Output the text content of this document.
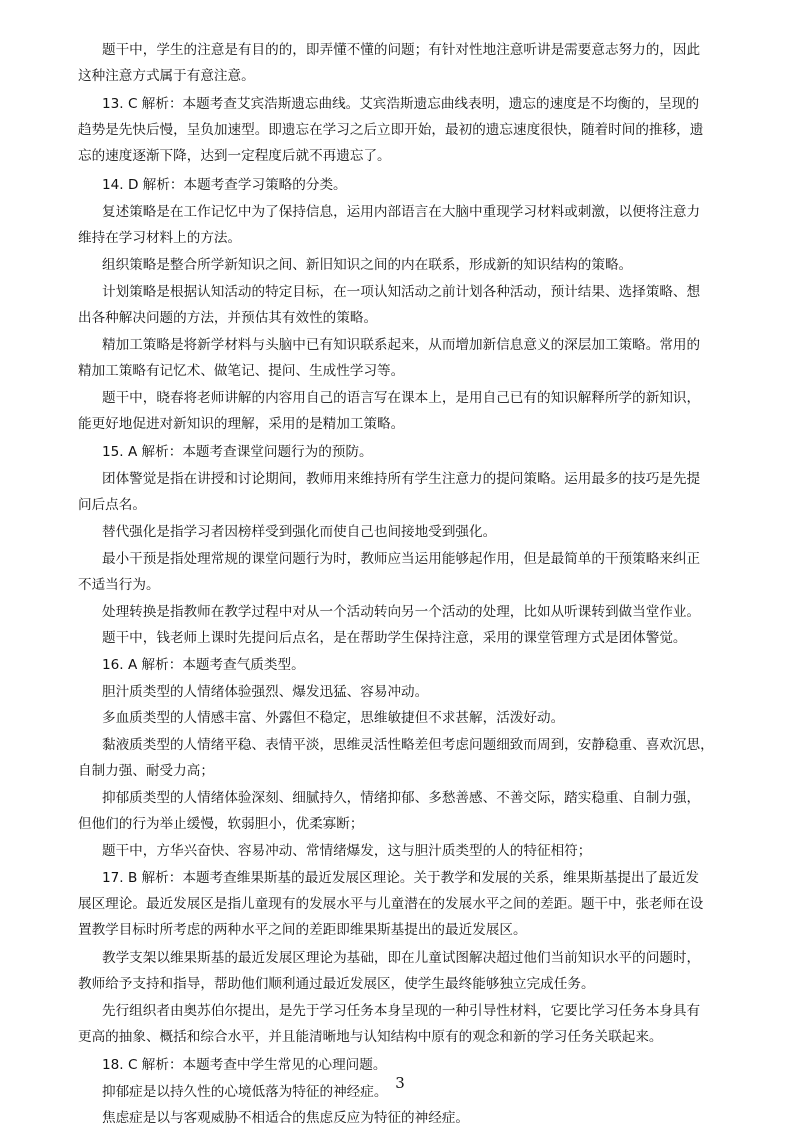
题干中，学生的注意是有目的的，即弄懂不懂的问题；有针对性地注意听讲是需要意志努力的，因此
这种注意方式属于有意注意。
13. C 解析：本题考查艾宾浩斯遗忘曲线。艾宾浩斯遗忘曲线表明，遗忘的速度是不均衡的，呈现的
趋势是先快后慢，呈负加速型。即遗忘在学习之后立即开始，最初的遗忘速度很快，随着时间的推移，遗
忘的速度逐渐下降，达到一定程度后就不再遗忘了。
14. D 解析：本题考查学习策略的分类。
复述策略是在工作记忆中为了保持信息，运用内部语言在大脑中重现学习材料或刺激，以便将注意力
维持在学习材料上的方法。
组织策略是整合所学新知识之间、新旧知识之间的内在联系，形成新的知识结构的策略。
计划策略是根据认知活动的特定目标，在一项认知活动之前计划各种活动，预计结果、选择策略、想
出各种解决问题的方法，并预估其有效性的策略。
精加工策略是将新学材料与头脑中已有知识联系起来，从而增加新信息意义的深层加工策略。常用的
精加工策略有记忆术、做笔记、提问、生成性学习等。
题干中，晓春将老师讲解的内容用自己的语言写在课本上，是用自己已有的知识解释所学的新知识，
能更好地促进对新知识的理解，采用的是精加工策略。
15. A 解析：本题考查课堂问题行为的预防。
团体警觉是指在讲授和讨论期间，教师用来维持所有学生注意力的提问策略。运用最多的技巧是先提
问后点名。
替代强化是指学习者因榜样受到强化而使自己也间接地受到强化。
最小干预是指处理常规的课堂问题行为时，教师应当运用能够起作用，但是最简单的干预策略来纠正
不适当行为。
处理转换是指教师在教学过程中对从一个活动转向另一个活动的处理，比如从听课转到做当堂作业。
题干中，钱老师上课时先提问后点名，是在帮助学生保持注意，采用的课堂管理方式是团体警觉。
16. A 解析：本题考查气质类型。
胆汁质类型的人情绪体验强烈、爆发迅猛、容易冲动。
多血质类型的人情感丰富、外露但不稳定，思维敏捷但不求甚解，活泼好动。
黏液质类型的人情绪平稳、表情平淡，思维灵活性略差但考虑问题细致而周到，安静稳重、喜欢沉思，
自制力强、耐受力高；
抑郁质类型的人情绪体验深刻、细腻持久，情绪抑郁、多愁善感、不善交际，踏实稳重、自制力强，
但他们的行为举止缓慢，软弱胆小，优柔寡断；
题干中，方华兴奋快、容易冲动、常情绪爆发，这与胆汁质类型的人的特征相符；
17. B 解析：本题考查维果斯基的最近发展区理论。关于教学和发展的关系，维果斯基提出了最近发
展区理论。最近发展区是指儿童现有的发展水平与儿童潜在的发展水平之间的差距。题干中，张老师在设
置教学目标时所考虑的两种水平之间的差距即维果斯基提出的最近发展区。
教学支架以维果斯基的最近发展区理论为基础，即在儿童试图解决超过他们当前知识水平的问题时，
教师给予支持和指导，帮助他们顺利通过最近发展区，使学生最终能够独立完成任务。
先行组织者由奥苏伯尔提出，是先于学习任务本身呈现的一种引导性材料，它要比学习任务本身具有
更高的抽象、概括和综合水平，并且能清晰地与认知结构中原有的观念和新的学习任务关联起来。
18. C 解析：本题考查中学生常见的心理问题。
抑郁症是以持久性的心境低落为特征的神经症。
焦虑症是以与客观威胁不相适合的焦虑反应为特征的神经症。
3
